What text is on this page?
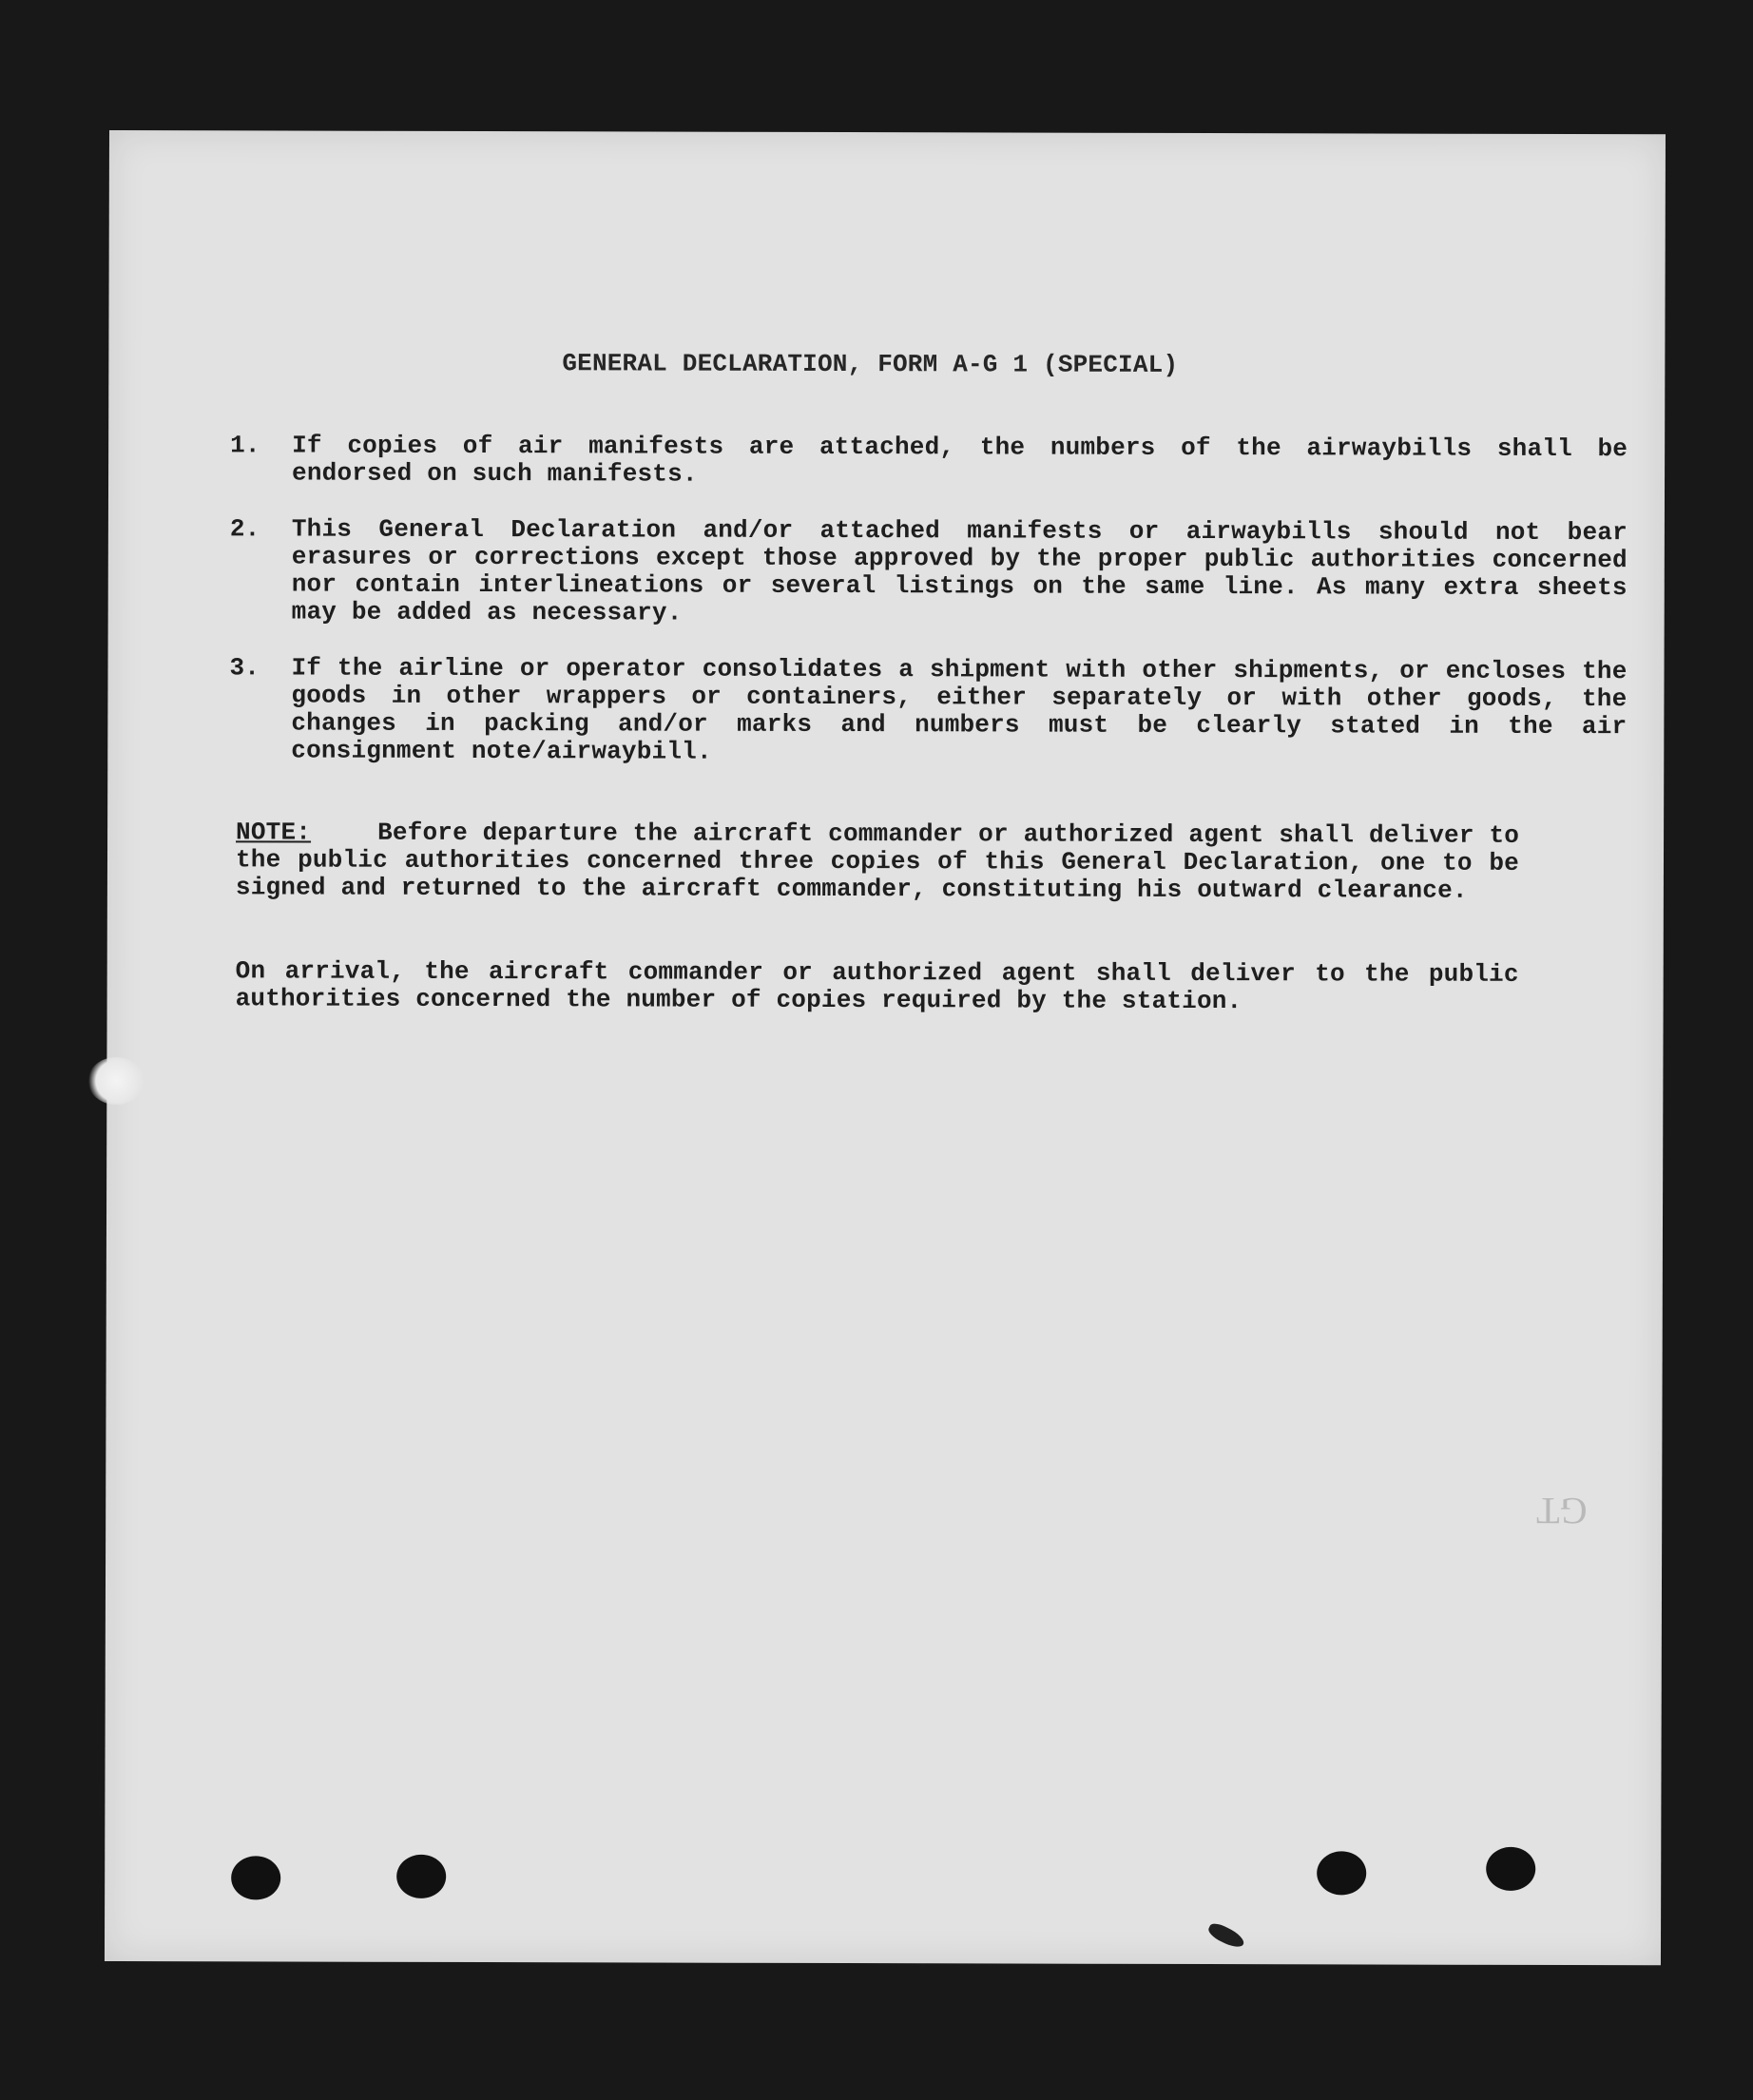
GENERAL DECLARATION, FORM A-G 1 (SPECIAL)
1.	If copies of air manifests are attached, the numbers of the airwaybills shall be endorsed on such manifests.
2.	This General Declaration and/or attached manifests or airwaybills should not bear erasures or corrections except those approved by the proper public authorities concerned nor contain interlineations or several listings on the same line. As many extra sheets may be added as necessary.
3.	If the airline or operator consolidates a shipment with other shipments, or encloses the goods in other wrappers or containers, either separately or with other goods, the changes in packing and/or marks and numbers must be clearly stated in the air consignment note/airwaybill.
NOTE:	Before departure the aircraft commander or authorized agent shall deliver to the public authorities concerned three copies of this General Declaration, one to be signed and returned to the aircraft commander, constituting his outward clearance.
On arrival, the aircraft commander or authorized agent shall deliver to the public authorities concerned the number of copies required by the station.
GT
